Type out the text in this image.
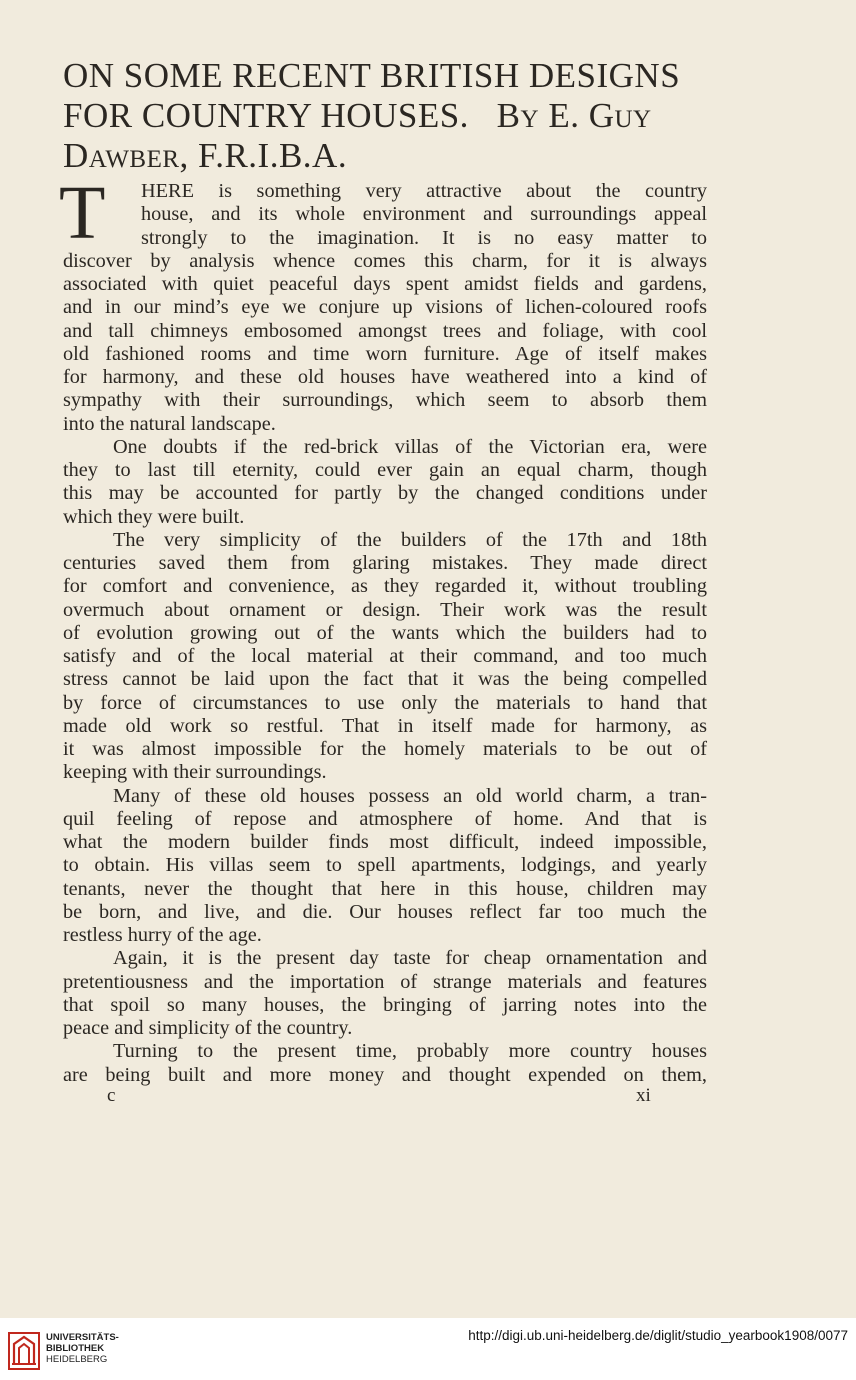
ON SOME RECENT BRITISH DESIGNS
FOR COUNTRY HOUSES. By E. Guy
Dawber, F.R.I.B.A.
T	HERE is something very attractive about the country
house, and its whole environment and surroundings appeal
strongly to the imagination. It is no easy matter to
discover by analysis whence comes this charm, for it is always
associated with quiet peaceful days spent amidst fields and gardens,
and in our mind’s eye we conjure up visions of lichen-coloured roofs
and tall chimneys embosomed amongst trees and foliage, with cool
old fashioned rooms and time worn furniture. Age of itself makes
for harmony, and these old houses have weathered into a kind of
sympathy with their surroundings, which seem to absorb them
into the natural landscape.
One doubts if the red-brick villas of the Victorian era, were
they to last till eternity, could ever gain an equal charm, though
this may be accounted for partly by the changed conditions under
which they were built.
The very simplicity of the builders of the 17th and 18th
centuries saved them from glaring mistakes. They made direct
for comfort and convenience, as they regarded it, without troubling
overmuch about ornament or design. Their work was the result
of evolution growing out of the wants which the builders had to
satisfy and of the local material at their command, and too much
stress cannot be laid upon the fact that it was the being compelled
by force of circumstances to use only the materials to hand that
made old work so restful. That in itself made for harmony, as
it was almost impossible for the homely materials to be out of
keeping with their surroundings.
Many of these old houses possess an old world charm, a tran-
quil feeling of repose and atmosphere of home. And that is
what the modern builder finds most difficult, indeed impossible,
to obtain. His villas seem to spell apartments, lodgings, and yearly
tenants, never the thought that here in this house, children may
be born, and live, and die. Our houses reflect far too much the
restless hurry of the age.
Again, it is the present day taste for cheap ornamentation and
pretentiousness and the importation of strange materials and features
that spoil so many houses, the bringing of jarring notes into the
peace and simplicity of the country.
Turning to the present time, probably more country houses
are being built and more money and thought expended on them,
c	xi
UNIVERSITÄTS-
BIBLIOTHEK
HEIDELBERG
http://digi.ub.uni-heidelberg.de/diglit/studio_yearbook1908/0077
